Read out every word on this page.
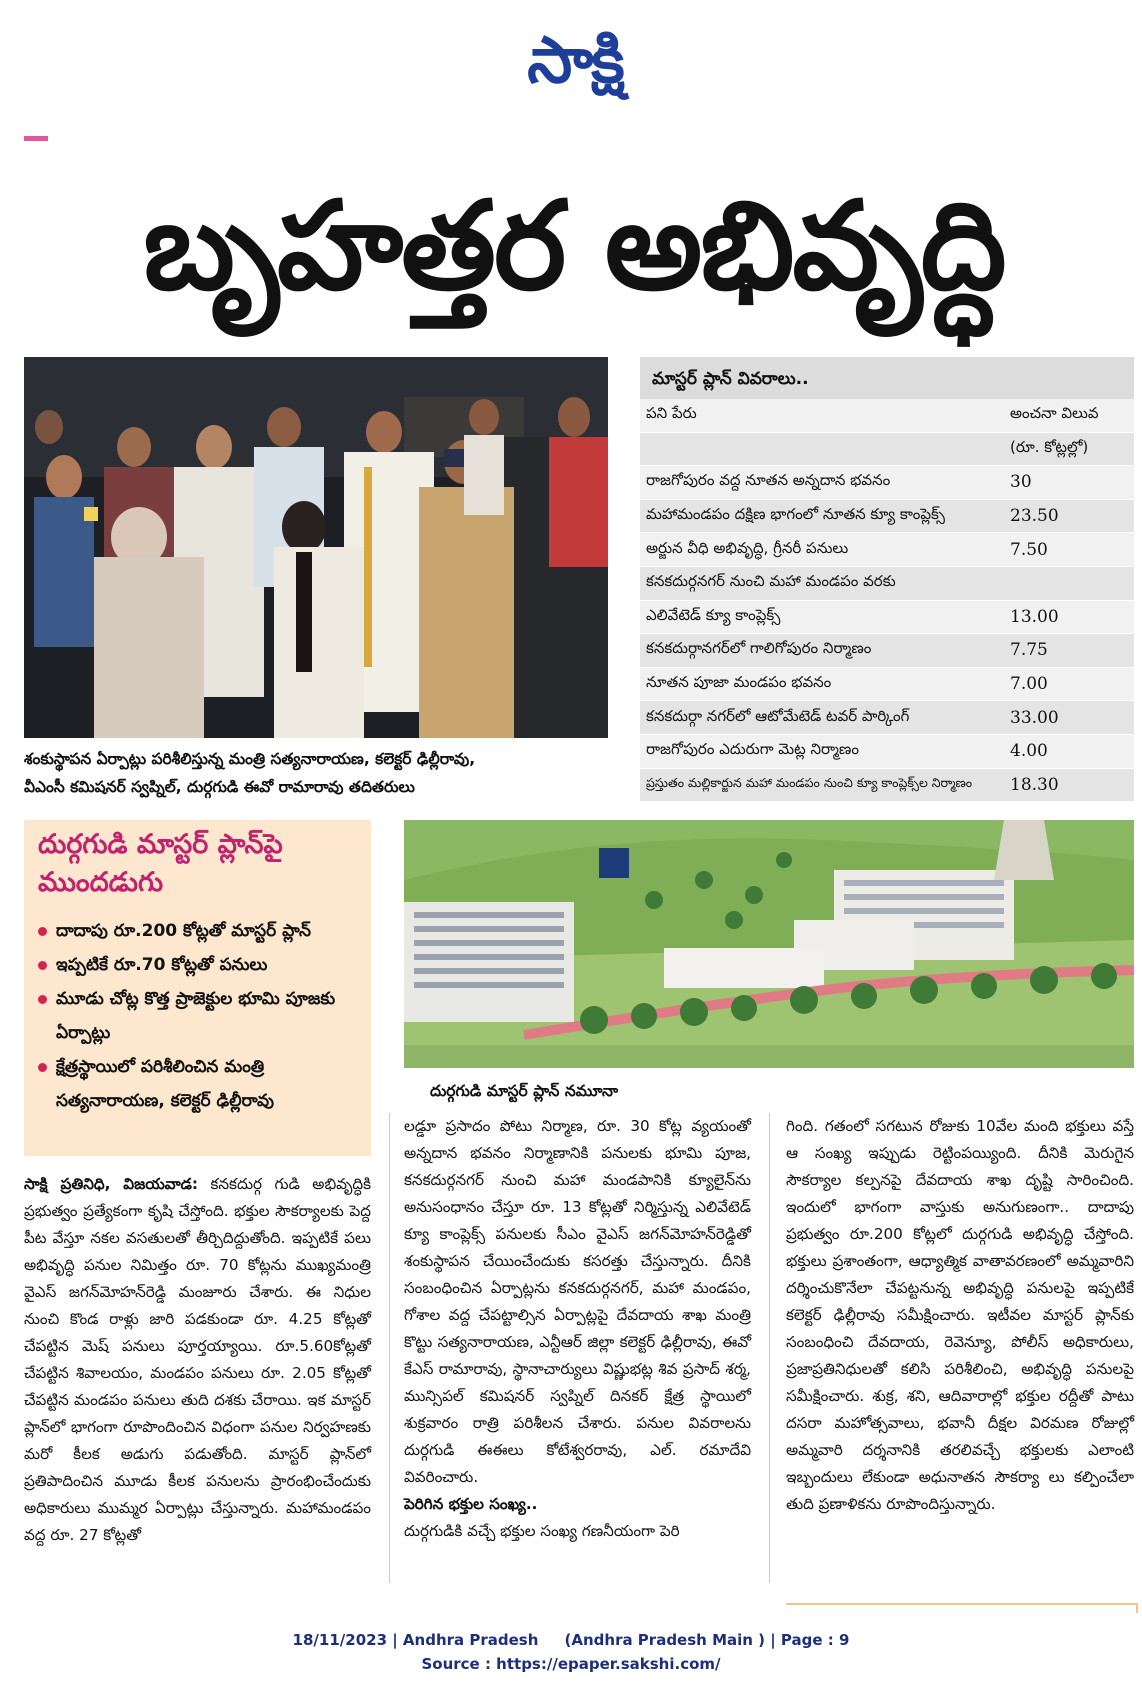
సాక్షి
బృహత్తర అభివృద్ధి
శంకుస్థాపన ఏర్పాట్లు పరిశీలిస్తున్న మంత్రి సత్యనారాయణ, కలెక్టర్ ఢిల్లీరావు,
వీఎంసీ కమిషనర్ స్వప్నిల్, దుర్గగుడి ఈవో రామారావు తదితరులు
మాస్టర్ ప్లాన్ వివరాలు..
పని పేరు	అంచనా విలువ
	(రూ. కోట్లల్లో)
రాజగోపురం వద్ద నూతన అన్నదాన భవనం	30
మహామండపం దక్షిణ భాగంలో నూతన క్యూ కాంప్లెక్స్	23.50
అర్జున వీధి అభివృద్ధి, గ్రీనరీ పనులు	7.50
కనకదుర్గనగర్ నుంచి మహా మండపం వరకు	
ఎలివేటెడ్ క్యూ కాంప్లెక్స్	13.00
కనకదుర్గానగర్‌లో గాలిగోపురం నిర్మాణం	7.75
నూతన పూజా మండపం భవనం	7.00
కనకదుర్గా నగర్‌లో ఆటోమేటెడ్ టవర్ పార్కింగ్	33.00
రాజగోపురం ఎదురుగా మెట్ల నిర్మాణం	4.00
ప్రస్తుతం మల్లికార్జున మహా మండపం నుంచి క్యూ కాంప్లెక్స్‌ల నిర్మాణం	18.30
దుర్గగుడి మాస్టర్ ప్లాన్‌పై ముందడుగు
దాదాపు రూ.200 కోట్లతో మాస్టర్ ప్లాన్
ఇప్పటికే రూ.70 కోట్లతో పనులు
మూడు చోట్ల కొత్త ప్రాజెక్టుల భూమి పూజకు ఏర్పాట్లు
క్షేత్రస్థాయిలో పరిశీలించిన మంత్రి సత్యనారాయణ, కలెక్టర్ ఢిల్లీరావు	దుర్గగుడి మాస్టర్ ప్లాన్ నమూనా

సాక్షి ప్రతినిధి, విజయవాడ: కనకదుర్గ గుడి అభివృద్ధికి ప్రభుత్వం ప్రత్యేకంగా కృషి చేస్తోంది. భక్తుల సౌకర్యాలకు పెద్ద పీట వేస్తూ నకల వసతులతో తీర్చిదిద్దుతోంది. ఇప్పటికే పలు అభివృద్ధి పనుల నిమిత్తం రూ. 70 కోట్లను ముఖ్యమంత్రి వైఎస్ జగన్‌మోహన్‌రెడ్డి మంజూరు చేశారు. ఈ నిధుల నుంచి కొండ రాళ్లు జారి పడకుండా రూ. 4.25 కోట్లతో చేపట్టిన మెష్ పనులు పూర్తయ్యాయి. రూ.5.60కోట్లతో చేపట్టిన శివాలయం, మండపం పనులు రూ. 2.05 కోట్లతో చేపట్టిన మండపం పనులు తుది దశకు చేరాయి. ఇక మాస్టర్ ప్లాన్‌లో భాగంగా రూపొందించిన విధంగా పనుల నిర్వహణకు మరో కీలక అడుగు పడుతోంది. మాస్టర్ ప్లాన్‌లో ప్రతిపాదించిన మూడు కీలక పనులను ప్రారంభించేందుకు అధికారులు ముమ్మర ఏర్పాట్లు చేస్తున్నారు. మహామండపం వద్ద రూ. 27 కోట్లతో

లడ్డూ ప్రసాదం పోటు నిర్మాణ, రూ. 30 కోట్ల వ్యయంతో అన్నదాన భవనం నిర్మాణానికి పనులకు భూమి పూజ, కనకదుర్గనగర్ నుంచి మహా మండపానికి క్యూలైన్‌ను అనుసంధానం చేస్తూ రూ. 13 కోట్లతో నిర్మిస్తున్న ఎలివేటెడ్ క్యూ కాంప్లెక్స్ పనులకు సీఎం వైఎస్ జగన్‌మోహన్‌రెడ్డితో శంకుస్థాపన చేయించేందుకు కసరత్తు చేస్తున్నారు. దీనికి సంబంధించిన ఏర్పాట్లను కనకదుర్గనగర్, మహా మండపం, గోశాల వద్ద చేపట్టాల్సిన ఏర్పాట్లపై దేవదాయ శాఖ మంత్రి కొట్టు సత్యనారాయణ, ఎన్టీఆర్ జిల్లా కలెక్టర్ ఢిల్లీరావు, ఈవో కేఎస్ రామారావు, స్థానాచార్యులు విష్ణుభట్ల శివ ప్రసాద్ శర్మ, మున్సిపల్ కమిషనర్ స్వప్నిల్ దినకర్ క్షేత్ర స్థాయిలో శుక్రవారం రాత్రి పరిశీలన చేశారు. పనుల వివరాలను దుర్గగుడి ఈఈలు కోటేశ్వరరావు, ఎల్. రమాదేవి వివరించారు.

పెరిగిన భక్తుల సంఖ్య..

దుర్గగుడికి వచ్చే భక్తుల సంఖ్య గణనీయంగా పెరి

గింది. గతంలో సగటున రోజుకు 10వేల మంది భక్తులు వస్తే ఆ సంఖ్య ఇప్పుడు రెట్టింపయ్యింది. దీనికి మెరుగైన సౌకర్యాల కల్పనపై దేవదాయ శాఖ దృష్టి సారించింది. ఇందులో భాగంగా వాస్తుకు అనుగుణంగా.. దాదాపు ప్రభుత్వం రూ.200 కోట్లలో దుర్గగుడి అభివృద్ధి చేస్తోంది. భక్తులు ప్రశాంతంగా, ఆధ్యాత్మిక వాతావరణంలో అమ్మవారిని దర్శించుకొనేలా చేపట్టనున్న అభివృద్ధి పనులపై ఇప్పటికే కలెక్టర్ ఢిల్లీరావు సమీక్షించారు. ఇటీవల మాస్టర్ ప్లాన్‌కు సంబంధించి దేవదాయ, రెవెన్యూ, పోలీస్ అధికారులు, ప్రజాప్రతినిధులతో కలిసి పరిశీలించి, అభివృద్ధి పనులపై సమీక్షించారు. శుక్ర, శని, ఆదివారాల్లో భక్తుల రద్దీతో పాటు దసరా మహోత్సవాలు, భవానీ దీక్షల విరమణ రోజుల్లో అమ్మవారి దర్శనానికి తరలివచ్చే భక్తులకు ఎలాంటి ఇబ్బందులు లేకుండా అధునాతన సౌకర్యా లు కల్పించేలా తుది ప్రణాళికను రూపొందిస్తున్నారు.

18/11/2023 | Andhra Pradesh     (Andhra Pradesh Main ) | Page : 9
Source : https://epaper.sakshi.com/
